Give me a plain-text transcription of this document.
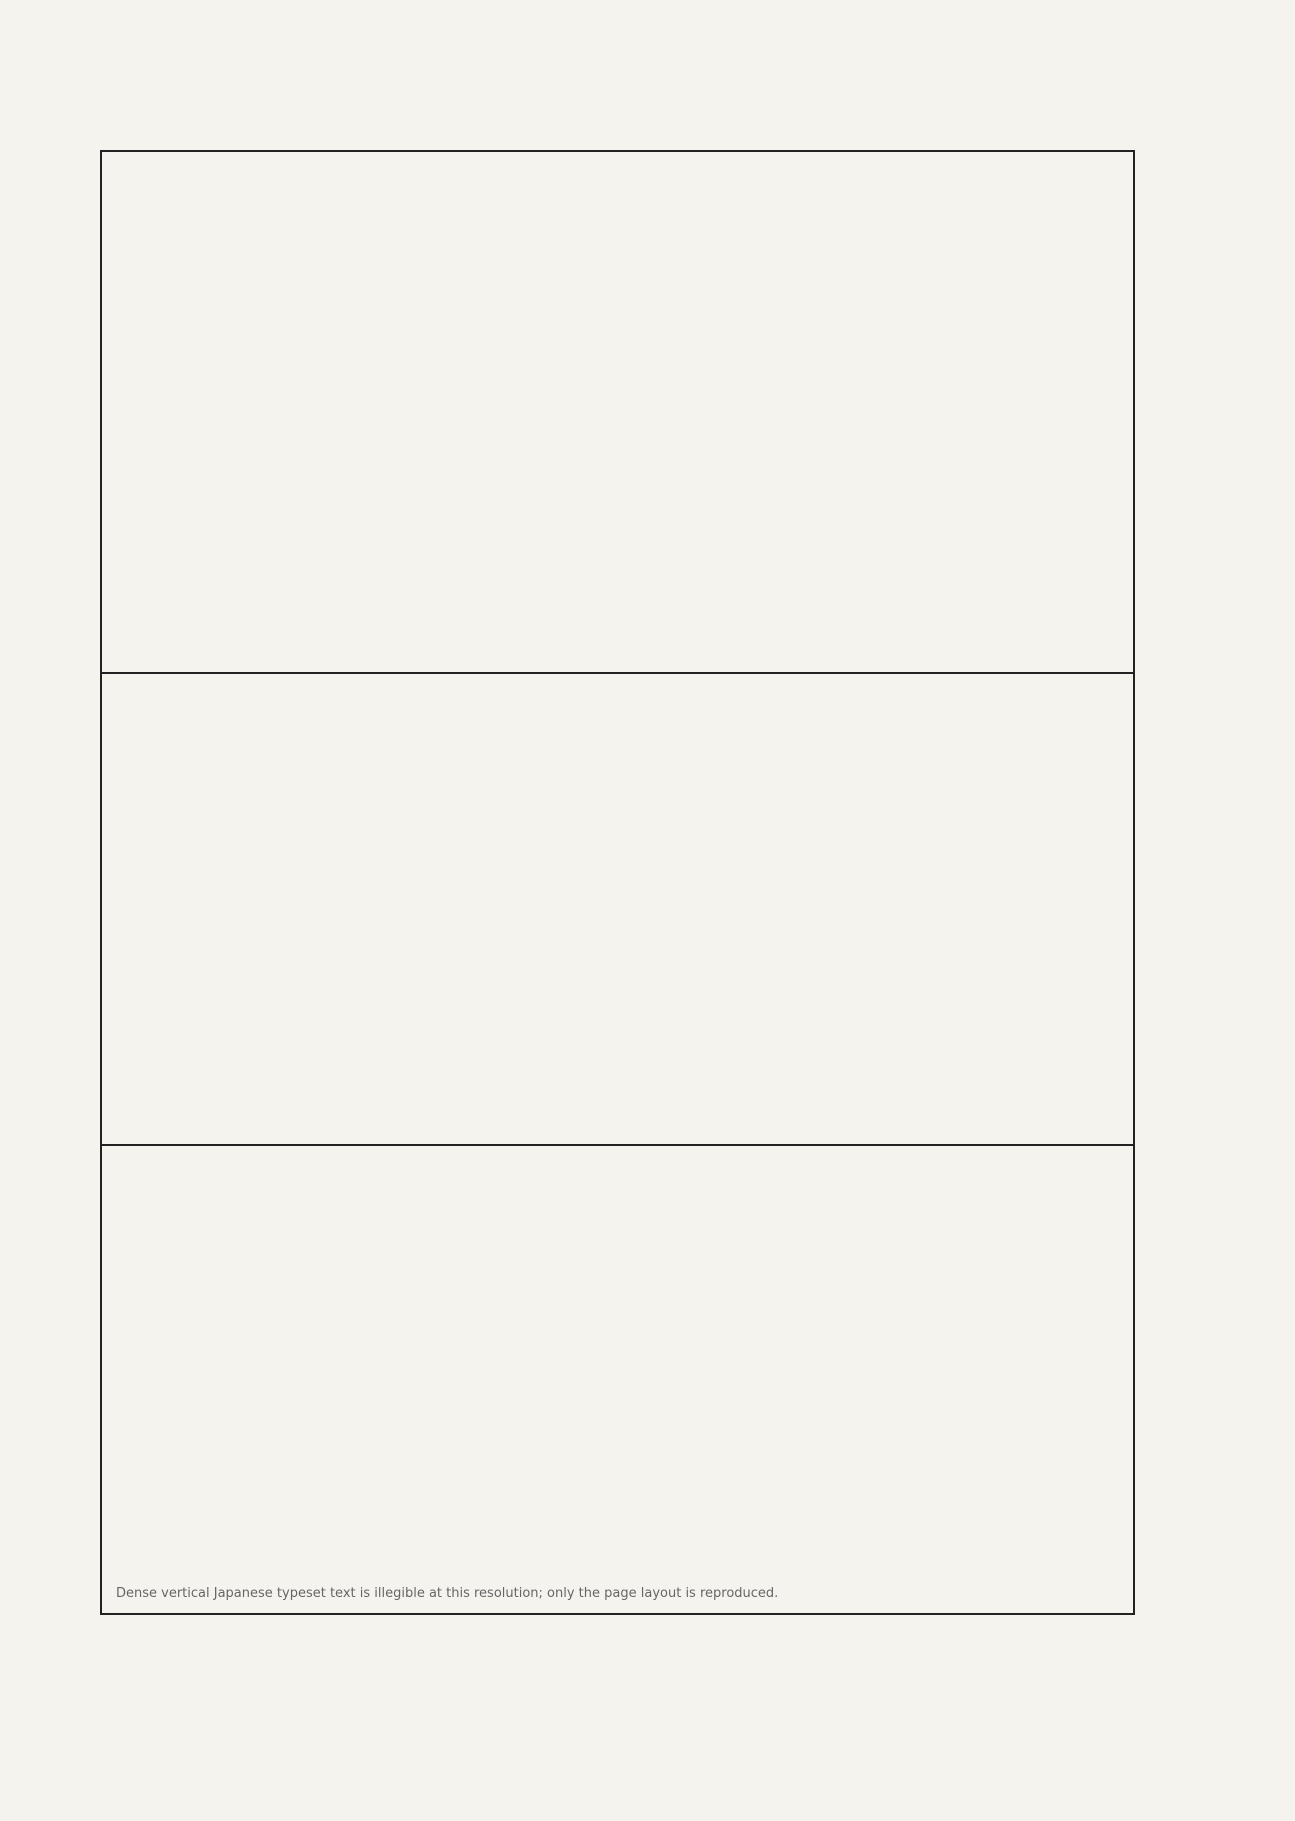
Dense vertical Japanese typeset text is illegible at this resolution; only the page layout is reproduced.
